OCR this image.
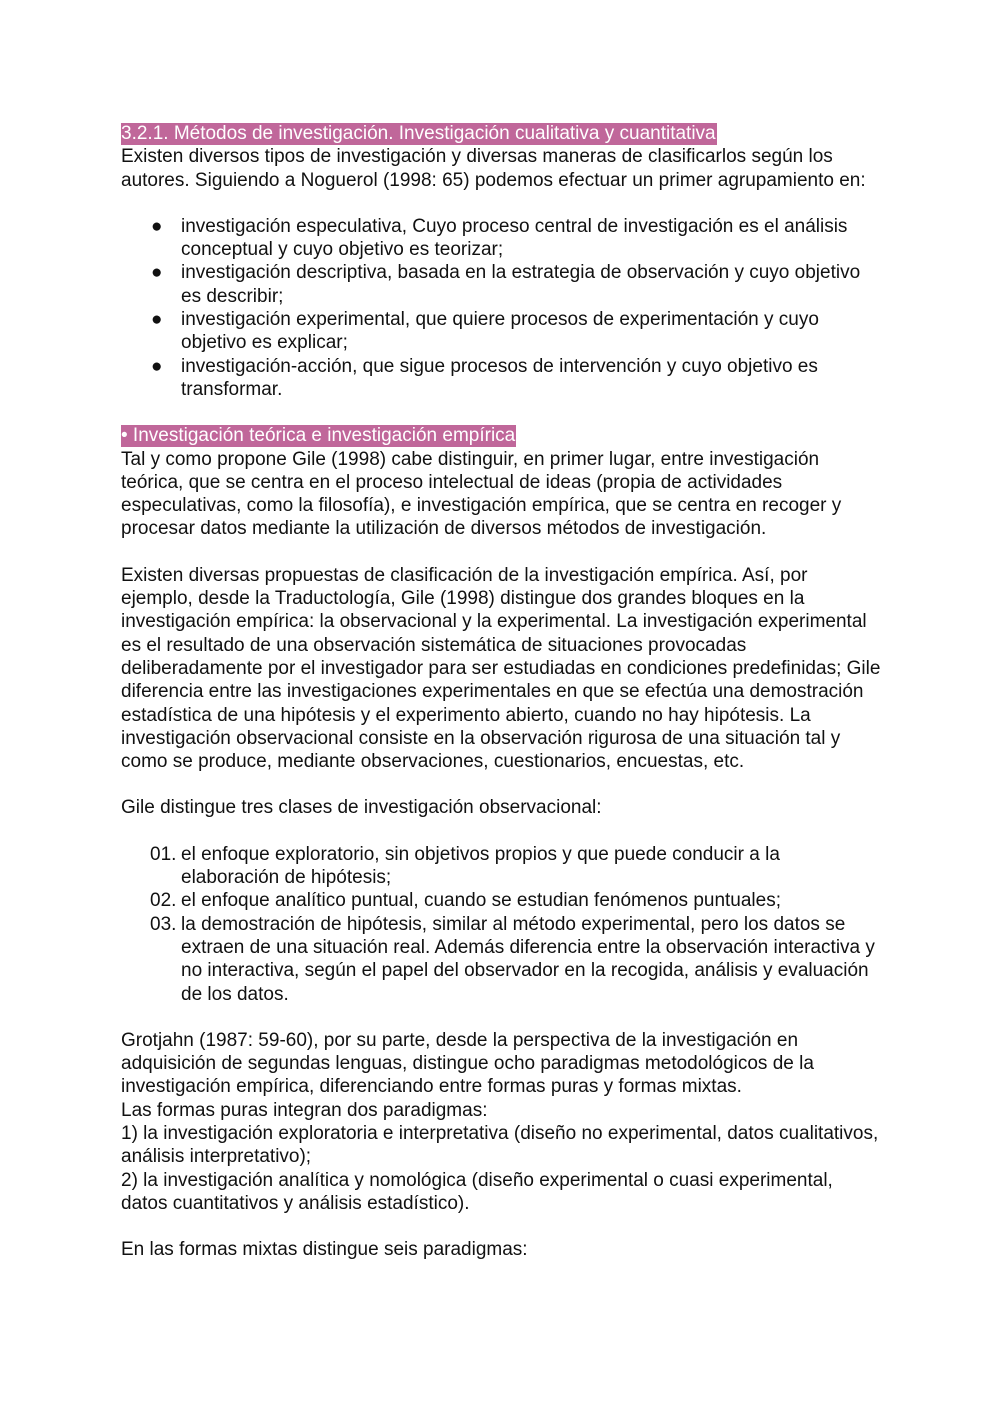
3.2.1. Métodos de investigación. Investigación cualitativa y cuantitativa

Existen diversos tipos de investigación y diversas maneras de clasificarlos según los autores. Siguiendo a Noguerol (1998: 65) podemos efectuar un primer agrupamiento en:

● investigación especulativa, Cuyo proceso central de investigación es el análisis conceptual y cuyo objetivo es teorizar;
● investigación descriptiva, basada en la estrategia de observación y cuyo objetivo es describir;
● investigación experimental, que quiere procesos de experimentación y cuyo objetivo es explicar;
● investigación-acción, que sigue procesos de intervención y cuyo objetivo es transformar.
• Investigación teórica e investigación empírica

Tal y como propone Gile (1998) cabe distinguir, en primer lugar, entre investigación teórica, que se centra en el proceso intelectual de ideas (propia de actividades especulativas, como la filosofía), e investigación empírica, que se centra en recoger y procesar datos mediante la utilización de diversos métodos de investigación.

Existen diversas propuestas de clasificación de la investigación empírica. Así, por ejemplo, desde la Traductología, Gile (1998) distingue dos grandes bloques en la investigación empírica: la observacional y la experimental. La investigación experimental es el resultado de una observación sistemática de situaciones provocadas deliberadamente por el investigador para ser estudiadas en condiciones predefinidas; Gile diferencia entre las investigaciones experimentales en que se efectúa una demostración estadística de una hipótesis y el experimento abierto, cuando no hay hipótesis. La investigación observacional consiste en la observación rigurosa de una situación tal y como se produce, mediante observaciones, cuestionarios, encuestas, etc.

Gile distingue tres clases de investigación observacional:

01. el enfoque exploratorio, sin objetivos propios y que puede conducir a la elaboración de hipótesis;
02. el enfoque analítico puntual, cuando se estudian fenómenos puntuales;
03. la demostración de hipótesis, similar al método experimental, pero los datos se extraen de una situación real. Además diferencia entre la observación interactiva y no interactiva, según el papel del observador en la recogida, análisis y evaluación de los datos.

Grotjahn (1987: 59-60), por su parte, desde la perspectiva de la investigación en adquisición de segundas lenguas, distingue ocho paradigmas metodológicos de la investigación empírica, diferenciando entre formas puras y formas mixtas.

Las formas puras integran dos paradigmas:

1) la investigación exploratoria e interpretativa (diseño no experimental, datos cualitativos, análisis interpretativo);

2) la investigación analítica y nomológica (diseño experimental o cuasi experimental, datos cuantitativos y análisis estadístico).

En las formas mixtas distingue seis paradigmas:
